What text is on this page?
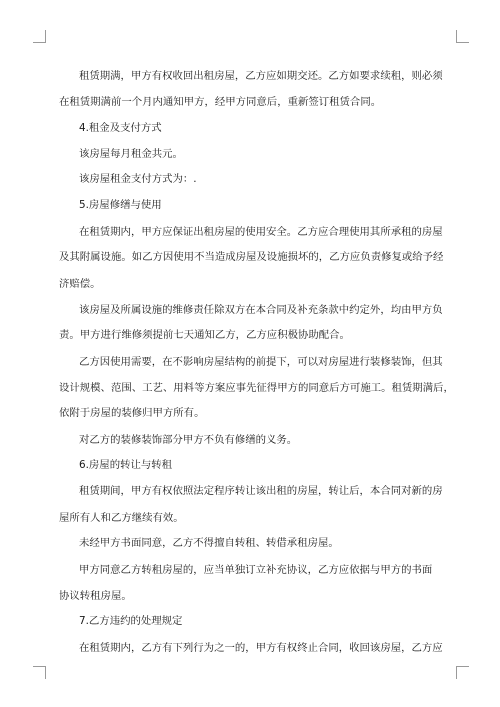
租赁期满，甲方有权收回出租房屋，乙方应如期交还。乙方如要求续租，则必须
在租赁期满前一个月内通知甲方，经甲方同意后，重新签订租赁合同。
4.租金及支付方式
该房屋每月租金共元。
该房屋租金支付方式为：.
5.房屋修缮与使用
在租赁期内，甲方应保证出租房屋的使用安全。乙方应合理使用其所承租的房屋
及其附属设施。如乙方因使用不当造成房屋及设施损坏的，乙方应负责修复或给予经
济赔偿。
该房屋及所属设施的维修责任除双方在本合同及补充条款中约定外，均由甲方负
责。甲方进行维修须提前七天通知乙方，乙方应积极协助配合。
乙方因使用需要，在不影响房屋结构的前提下，可以对房屋进行装修装饰，但其
设计规模、范围、工艺、用料等方案应事先征得甲方的同意后方可施工。租赁期满后，
依附于房屋的装修归甲方所有。
对乙方的装修装饰部分甲方不负有修缮的义务。
6.房屋的转让与转租
租赁期间，甲方有权依照法定程序转让该出租的房屋，转让后，本合同对新的房
屋所有人和乙方继续有效。
未经甲方书面同意，乙方不得擅自转租、转借承租房屋。
甲方同意乙方转租房屋的，应当单独订立补充协议，乙方应依据与甲方的书面
协议转租房屋。
7.乙方违约的处理规定
在租赁期内，乙方有下列行为之一的，甲方有权终止合同，收回该房屋，乙方应
